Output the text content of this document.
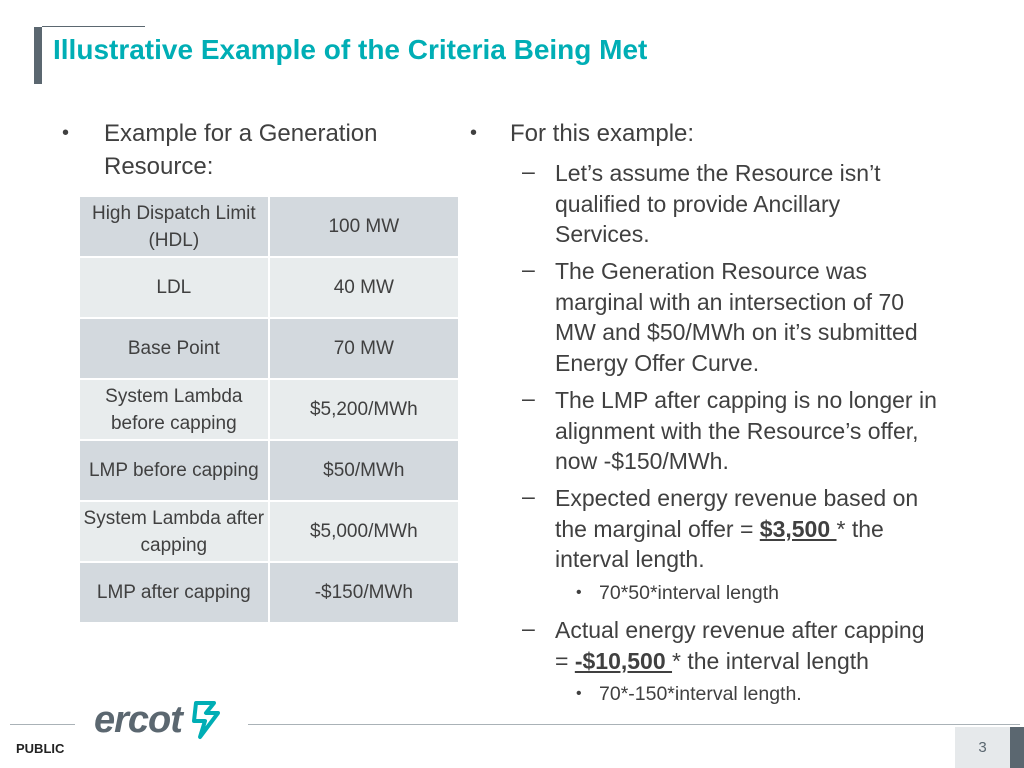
Illustrative Example of the Criteria Being Met
• Example for a Generation
Resource:
High Dispatch Limit (HDL)	100 MW
LDL	40 MW
Base Point	70 MW
System Lambda before capping	$5,200/MWh
LMP before capping	$50/MWh
System Lambda after capping	$5,000/MWh
LMP after capping	-$150/MWh
• For this example:
– Let’s assume the Resource isn’t
qualified to provide Ancillary
Services.
– The Generation Resource was
marginal with an intersection of 70
MW and $50/MWh on it’s submitted
Energy Offer Curve.
– The LMP after capping is no longer in
alignment with the Resource’s offer,
now -$150/MWh.
– Expected energy revenue based on
the marginal offer = $3,500 * the
interval length.
• 70*50*interval length
– Actual energy revenue after capping
= -$10,500 * the interval length
• 70*-150*interval length.
ercot
PUBLIC	3
